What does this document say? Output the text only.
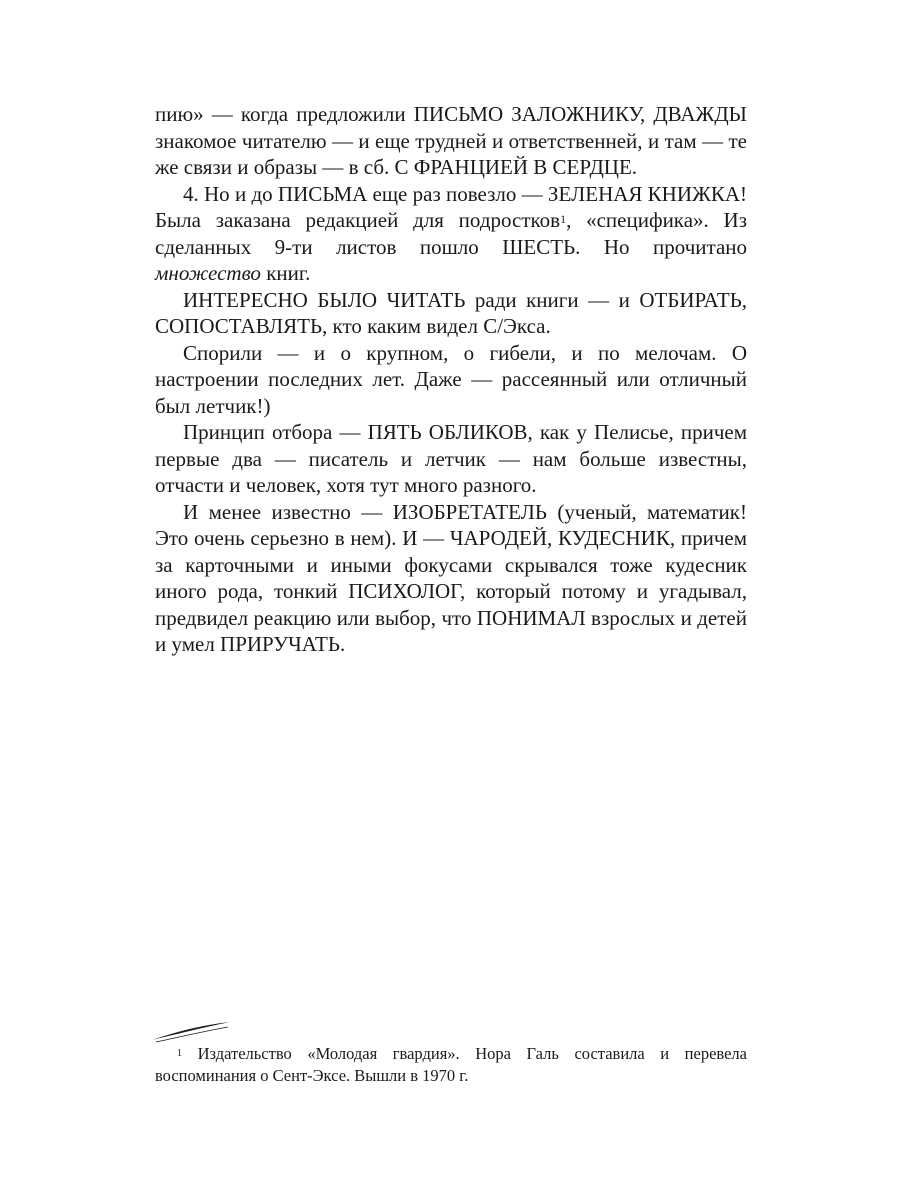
пию» — когда предложили ПИСЬМО ЗАЛОЖНИКУ, ДВАЖДЫ знакомое читателю — и еще трудней и ответственней, и там — те же связи и образы — в сб. С ФРАНЦИЕЙ В СЕРДЦЕ.

4. Но и до ПИСЬМА еще раз повезло — ЗЕЛЕНАЯ КНИЖКА! Была заказана редакцией для подростков$^1$, «специфика». Из сделанных 9-ти листов пошло ШЕСТЬ. Но прочитано множество книг.

ИНТЕРЕСНО БЫЛО ЧИТАТЬ ради книги — и ОТБИРАТЬ, СОПОСТАВЛЯТЬ, кто каким видел С/Экса.

Спорили — и о крупном, о гибели, и по мелочам. О настроении последних лет. Даже — рассеянный или отличный был летчик!)

Принцип отбора — ПЯТЬ ОБЛИКОВ, как у Пелисье, причем первые два — писатель и летчик — нам больше известны, отчасти и человек, хотя тут много разного.

И менее известно — ИЗОБРЕТАТЕЛЬ (ученый, математик! Это очень серьезно в нем). И — ЧАРОДЕЙ, КУДЕСНИК, причем за карточными и иными фокусами скрывался тоже кудесник иного рода, тонкий ПСИХОЛОГ, который потому и угадывал, предвидел реакцию или выбор, что ПОНИМАЛ взрослых и детей и умел ПРИРУЧАТЬ.

$^1$ Издательство «Молодая гвардия». Нора Галь составила и перевела воспоминания о Сент-Эксе. Вышли в 1970 г.
